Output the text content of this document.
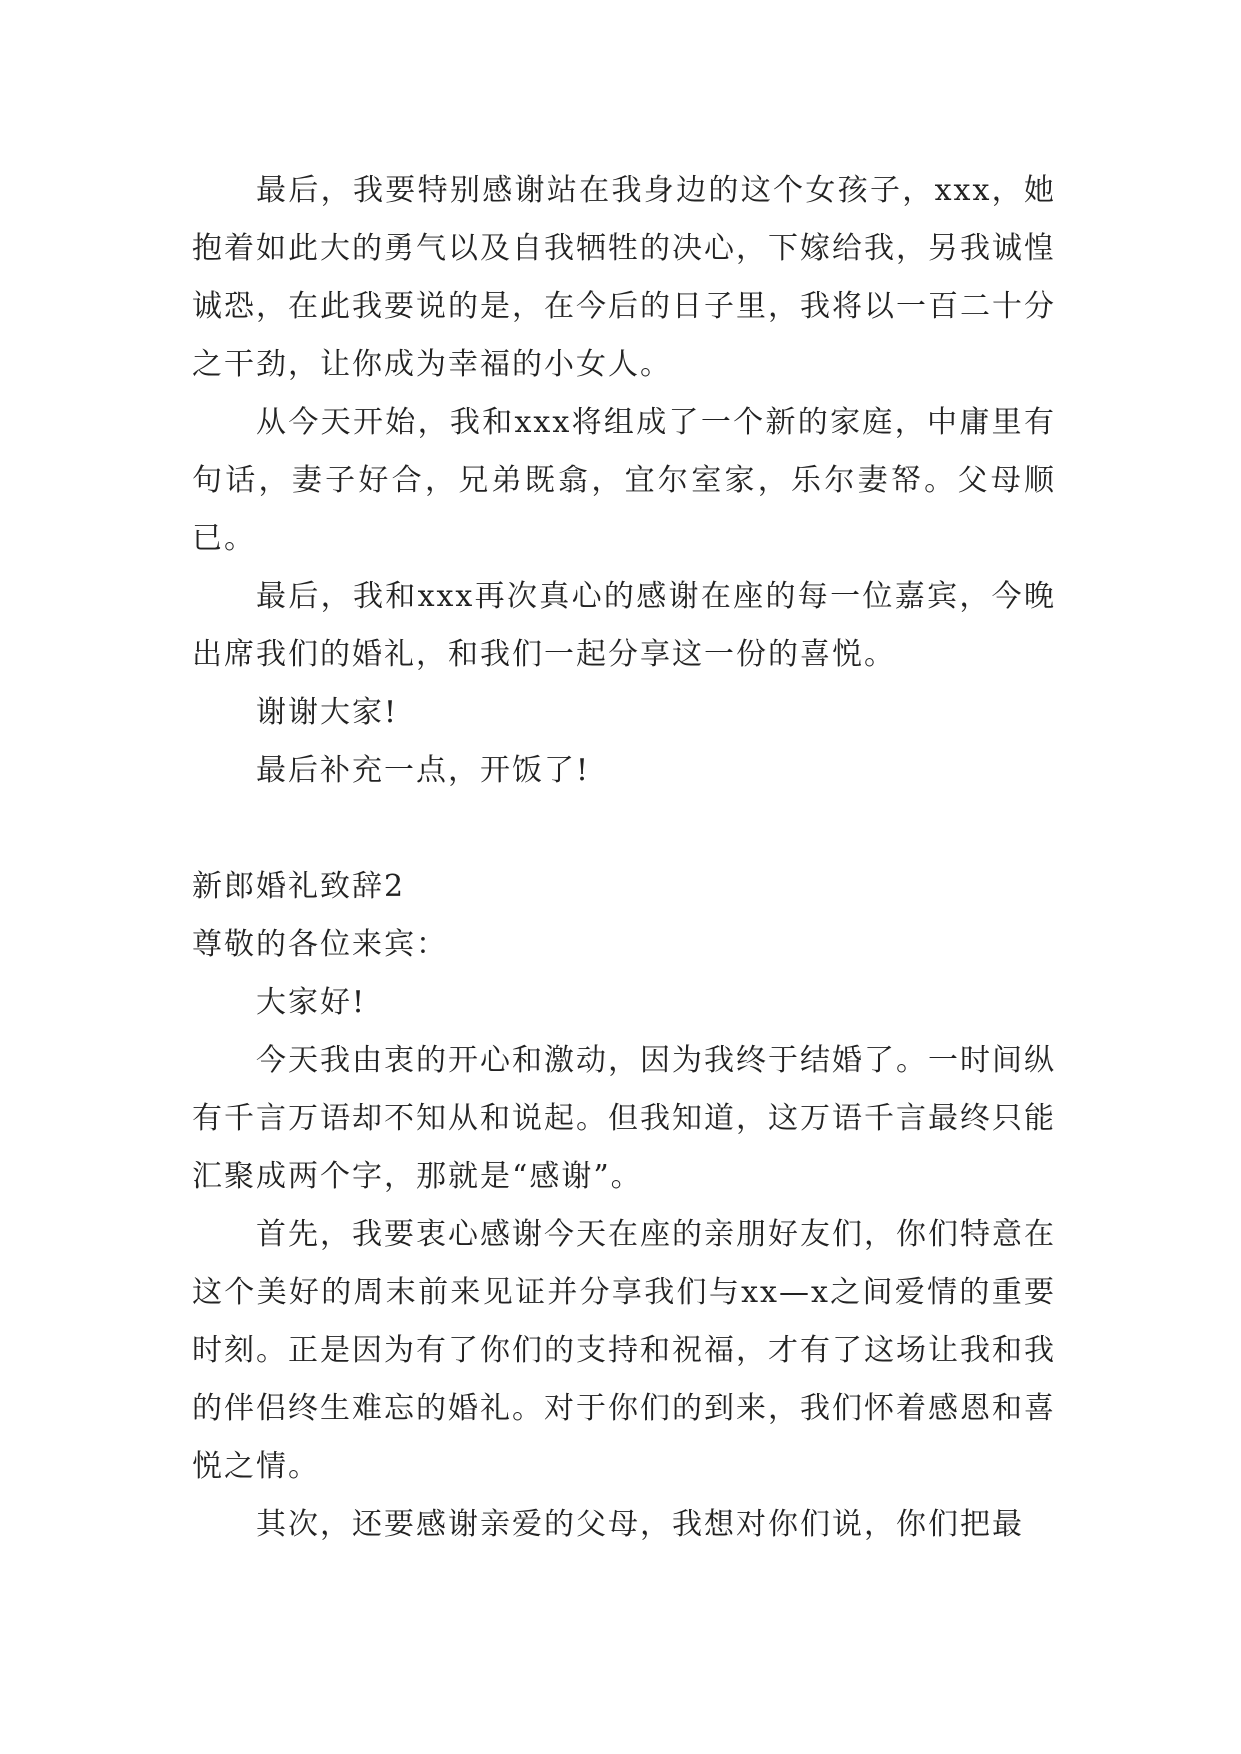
最后，我要特别感谢站在我身边的这个女孩子，xxx，她抱着如此大的勇气以及自我牺牲的决心，下嫁给我，另我诚惶诚恐，在此我要说的是，在今后的日子里，我将以一百二十分之干劲，让你成为幸福的小女人。

从今天开始，我和xxx将组成了一个新的家庭，中庸里有句话，妻子好合，兄弟既翕，宜尔室家，乐尔妻帑。父母顺已。

最后，我和xxx再次真心的感谢在座的每一位嘉宾，今晚出席我们的婚礼，和我们一起分享这一份的喜悦。

谢谢大家!

最后补充一点，开饭了!

新郎婚礼致辞2

尊敬的各位来宾：

大家好!

今天我由衷的开心和激动，因为我终于结婚了。一时间纵有千言万语却不知从和说起。但我知道，这万语千言最终只能汇聚成两个字，那就是“感谢”。

首先，我要衷心感谢今天在座的亲朋好友们，你们特意在这个美好的周末前来见证并分享我们与xx—x之间爱情的重要时刻。正是因为有了你们的支持和祝福，才有了这场让我和我的伴侣终生难忘的婚礼。对于你们的到来，我们怀着感恩和喜悦之情。

其次，还要感谢亲爱的父母，我想对你们说，你们把最
